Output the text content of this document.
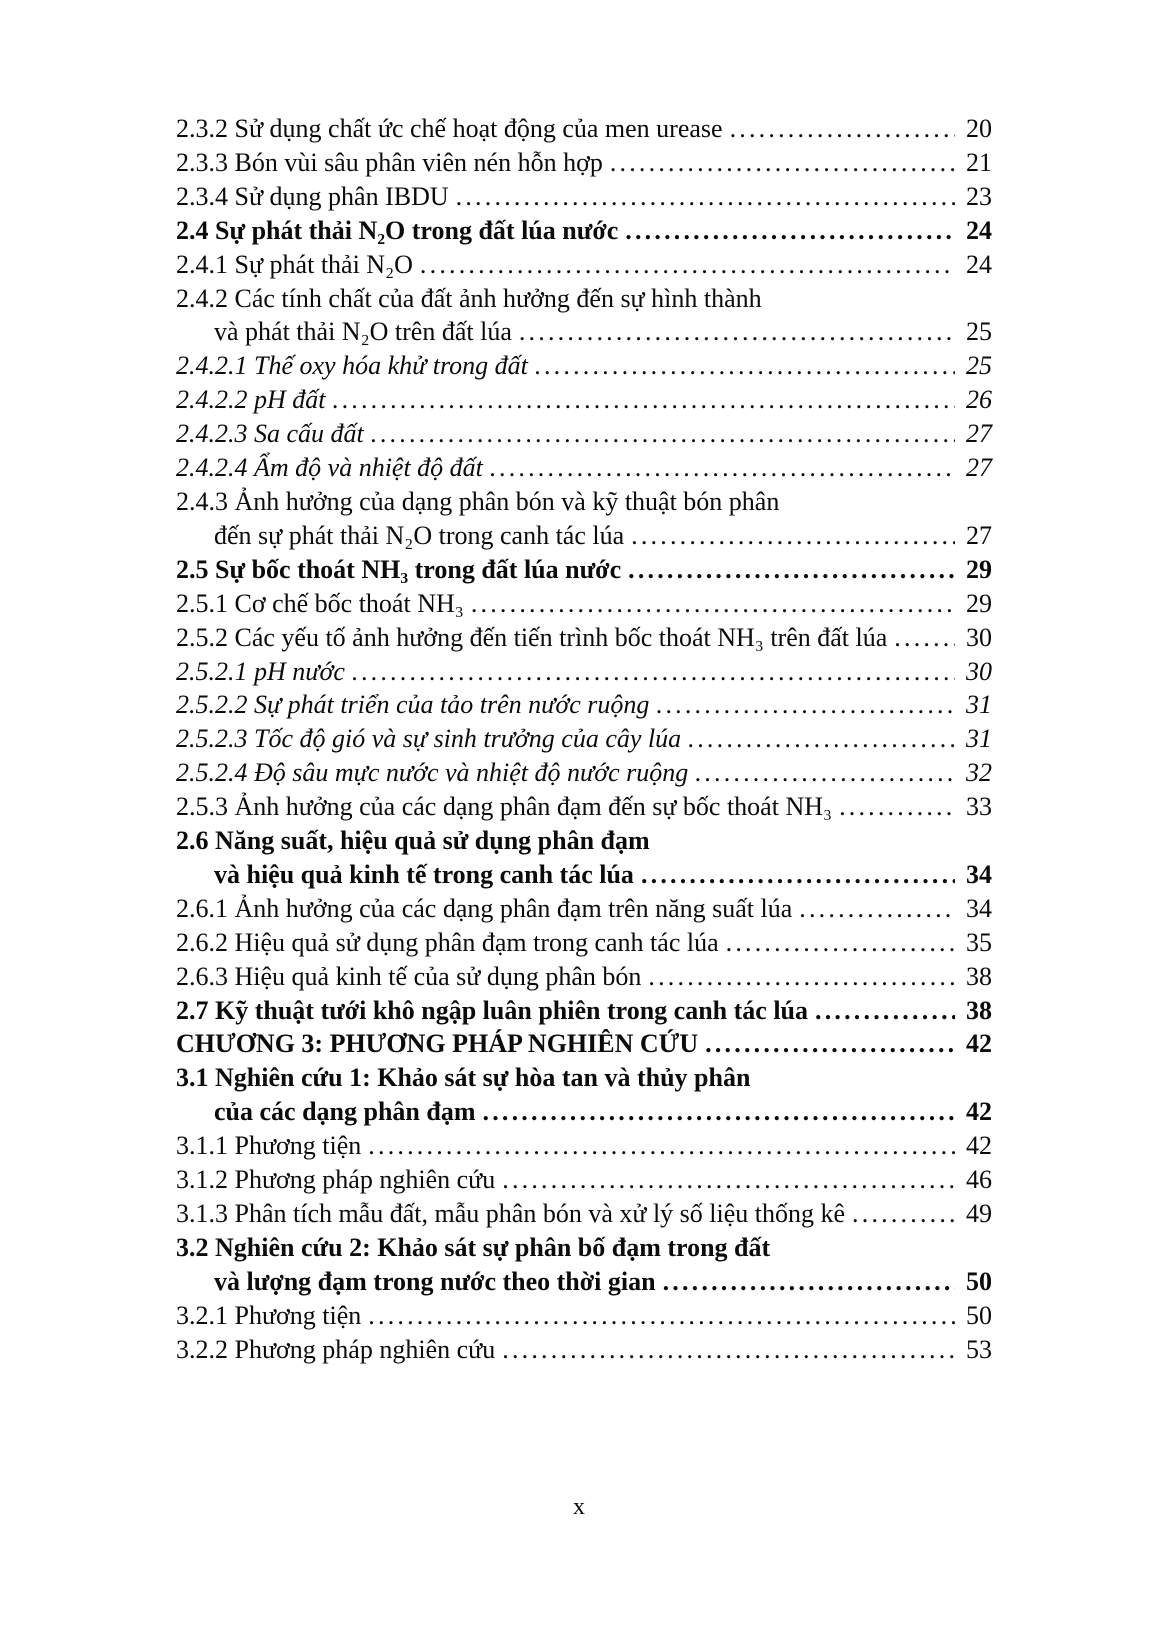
2.3.2 Sử dụng chất ức chế hoạt động của men urease .....	20
2.3.3 Bón vùi sâu phân viên nén hỗn hợp .....	21
2.3.4 Sử dụng phân IBDU .....	23
2.4 Sự phát thải N₂O trong đất lúa nước .....	24
2.4.1 Sự phát thải N₂O .....	24
2.4.2 Các tính chất của đất ảnh hưởng đến sự hình thành
và phát thải N₂O trên đất lúa .....	25
2.4.2.1 Thế oxy hóa khử trong đất .....	25
2.4.2.2 pH đất .....	26
2.4.2.3 Sa cấu đất .....	27
2.4.2.4 Ẩm độ và nhiệt độ đất .....	27
2.4.3 Ảnh hưởng của dạng phân bón và kỹ thuật bón phân
đến sự phát thải N₂O trong canh tác lúa .....	27
2.5 Sự bốc thoát NH₃ trong đất lúa nước .....	29
2.5.1 Cơ chế bốc thoát NH₃ .....	29
2.5.2 Các yếu tố ảnh hưởng đến tiến trình bốc thoát NH₃ trên đất lúa .....	30
2.5.2.1 pH nước .....	30
2.5.2.2 Sự phát triển của tảo trên nước ruộng .....	31
2.5.2.3 Tốc độ gió và sự sinh trưởng của cây lúa .....	31
2.5.2.4 Độ sâu mực nước và nhiệt độ nước ruộng .....	32
2.5.3 Ảnh hưởng của các dạng phân đạm đến sự bốc thoát NH₃ .....	33
2.6 Năng suất, hiệu quả sử dụng phân đạm
và hiệu quả kinh tế trong canh tác lúa .....	34
2.6.1 Ảnh hưởng của các dạng phân đạm trên năng suất lúa .....	34
2.6.2 Hiệu quả sử dụng phân đạm trong canh tác lúa .....	35
2.6.3 Hiệu quả kinh tế của sử dụng phân bón .....	38
2.7 Kỹ thuật tưới khô ngập luân phiên trong canh tác lúa .....	38
CHƯƠNG 3: PHƯƠNG PHÁP NGHIÊN CỨU .....	42
3.1 Nghiên cứu 1: Khảo sát sự hòa tan và thủy phân
của các dạng phân đạm .....	42
3.1.1 Phương tiện .....	42
3.1.2 Phương pháp nghiên cứu .....	46
3.1.3 Phân tích mẫu đất, mẫu phân bón và xử lý số liệu thống kê .....	49
3.2 Nghiên cứu 2: Khảo sát sự phân bố đạm trong đất
và lượng đạm trong nước theo thời gian .....	50
3.2.1 Phương tiện .....	50
3.2.2 Phương pháp nghiên cứu .....	53
x
